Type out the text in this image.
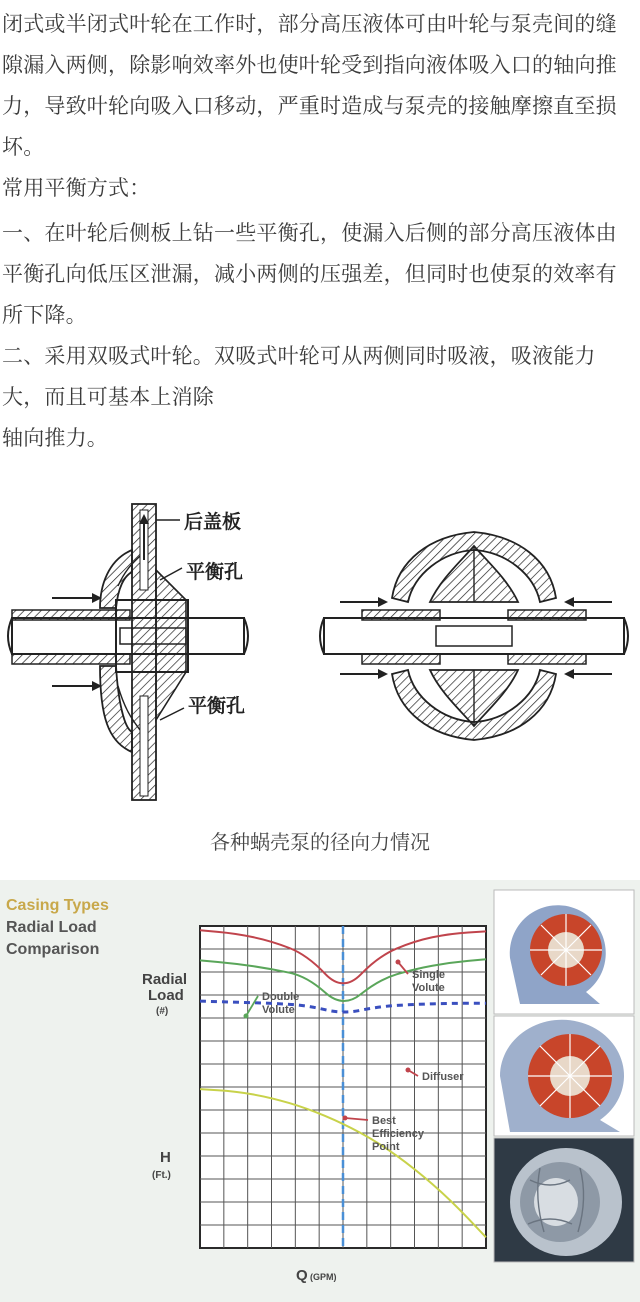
闭式或半闭式叶轮在工作时，部分高压液体可由叶轮与泵壳间的缝隙漏入两侧，除影响效率外也使叶轮受到指向液体吸入口的轴向推力，导致叶轮向吸入口移动，严重时造成与泵壳的接触摩擦直至损 坏。

常用平衡方式：

一、在叶轮后侧板上钻一些平衡孔，使漏入后侧的部分高压液体由平衡孔向低压区泄漏，减小两侧的压强差，但同时也使泵的效率有所下降。

二、采用双吸式叶轮。双吸式叶轮可从两侧同时吸液，吸液能力大，而且可基本上消除

轴向推力。

后盖板
平衡孔
平衡孔
各种蜗壳泵的径向力情况
Casing Types
Radial Load
Comparison
Radial
Load
(#)
H
(Ft.)
Q (GPM)
Single
Volute
Double
Volute
Diffuser
Best
Efficiency
Point
